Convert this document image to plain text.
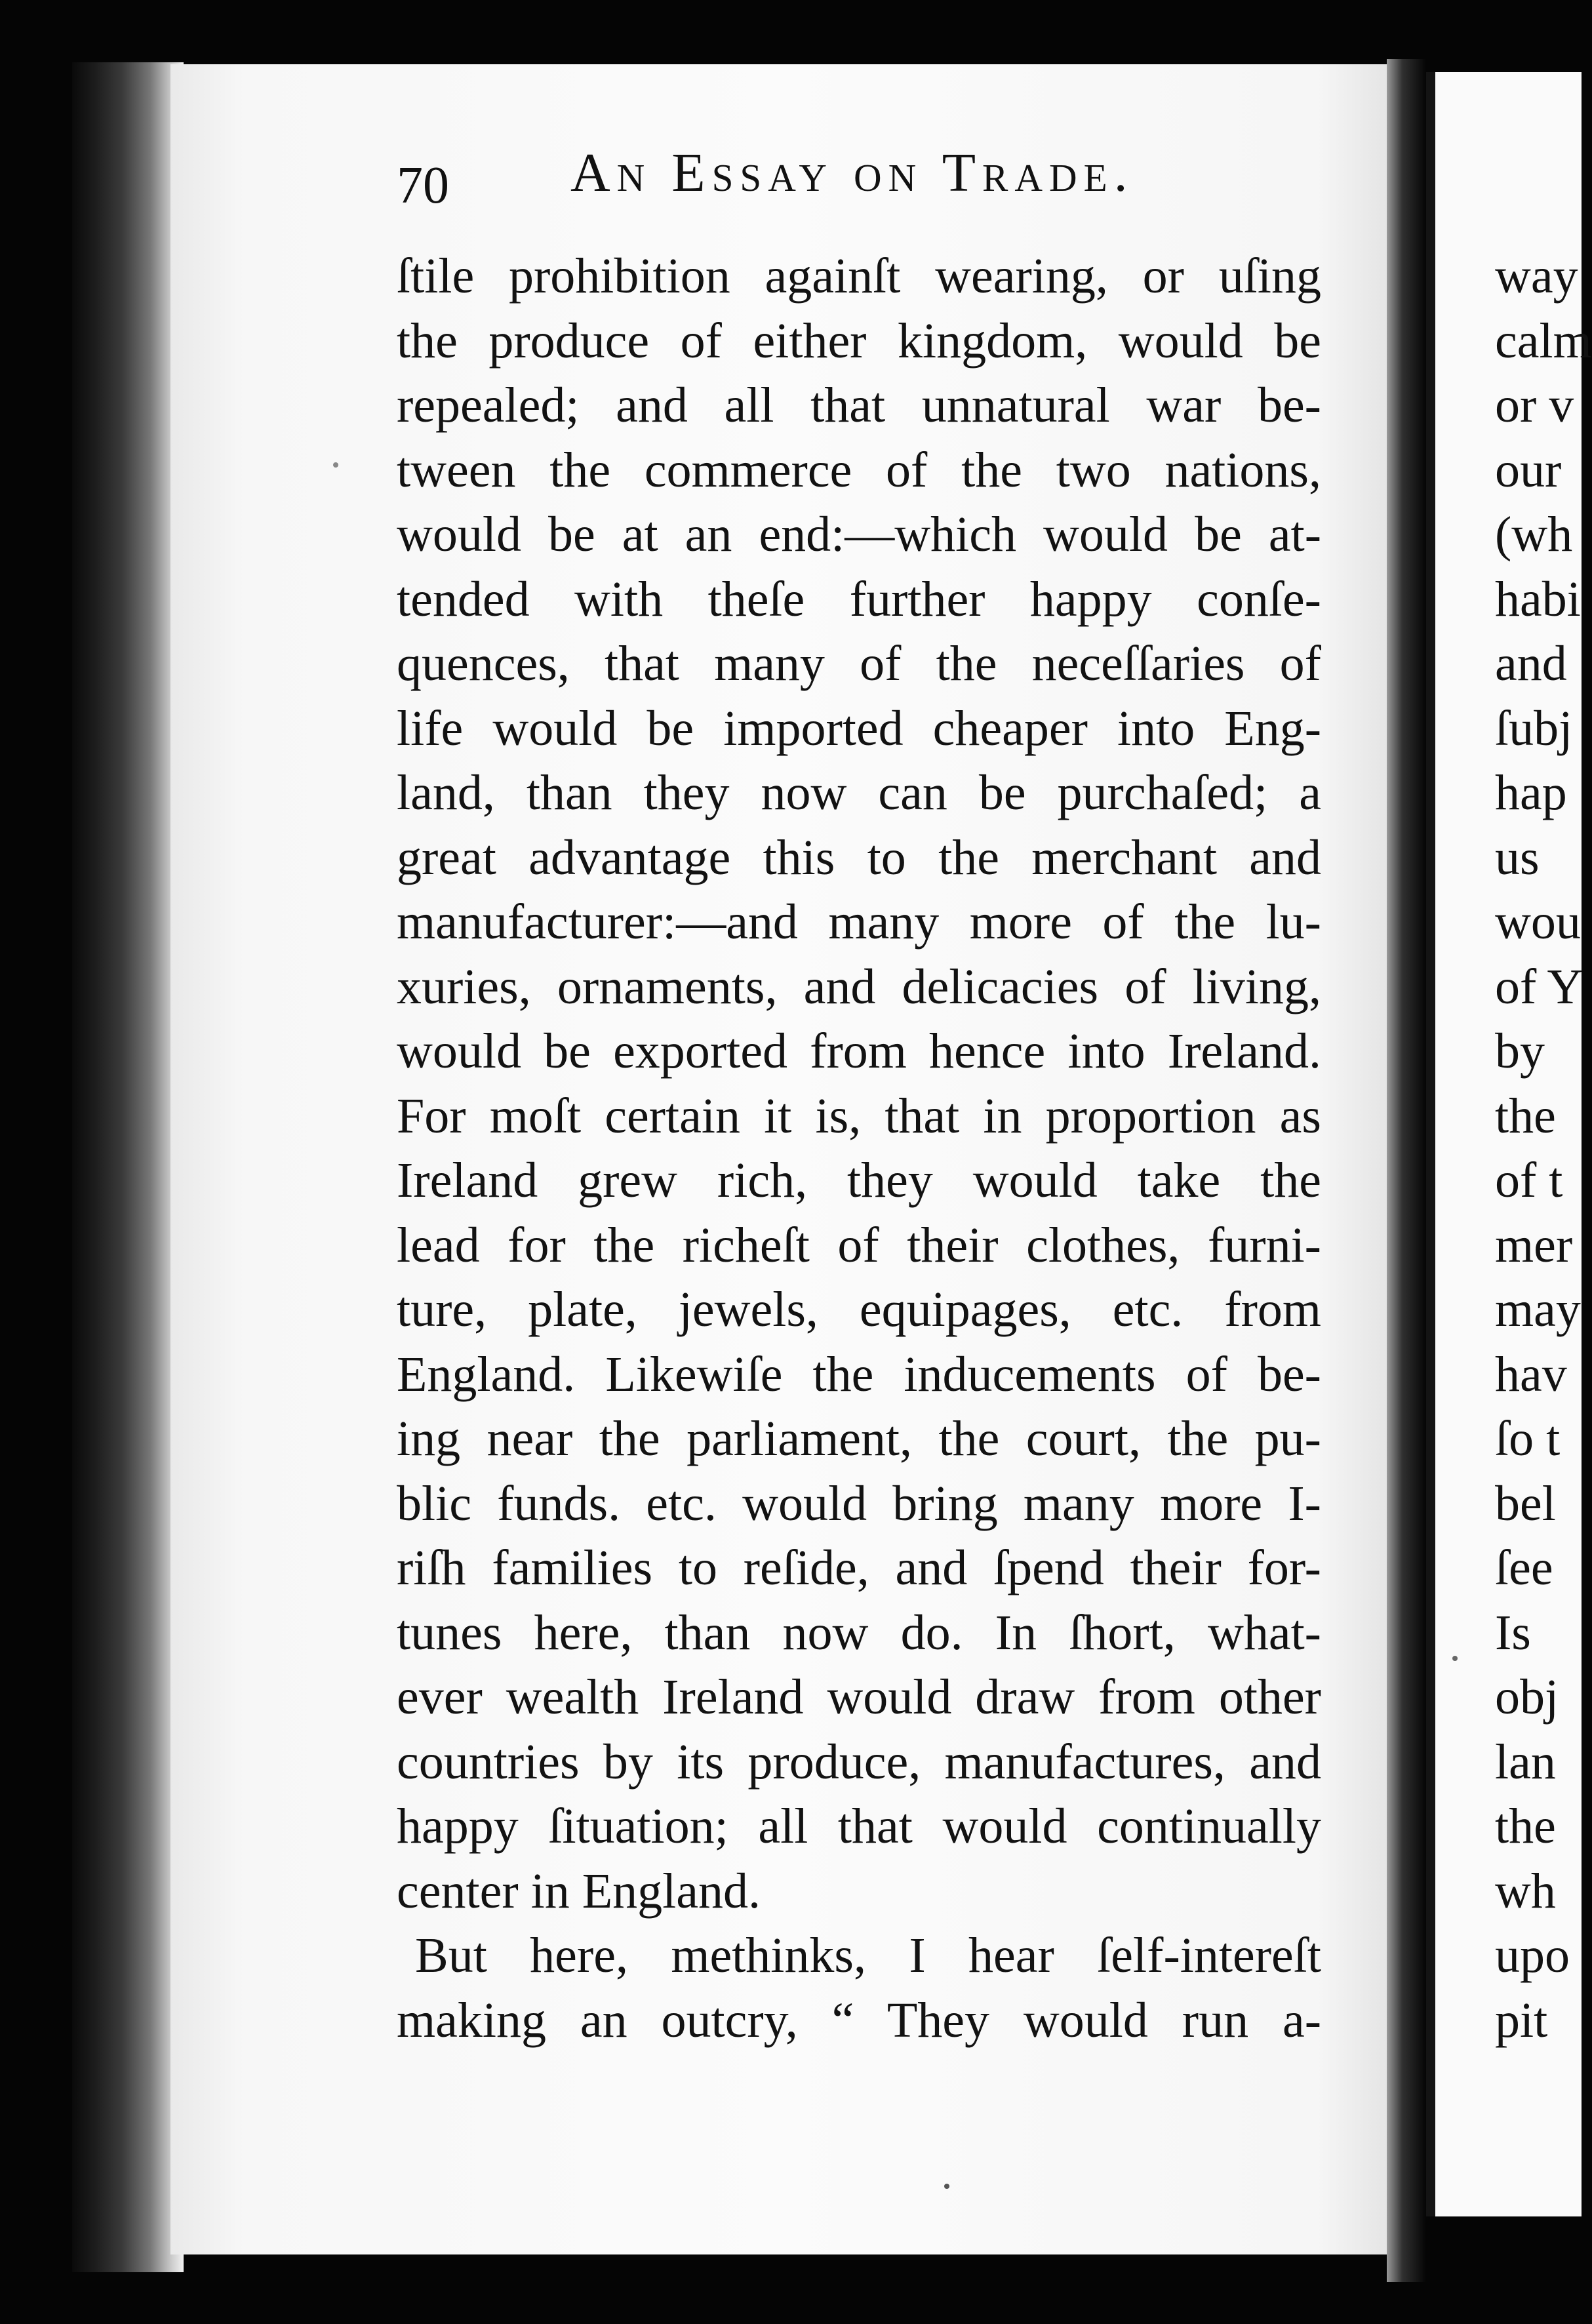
70 An Essay on Trade.
ſtile prohibition againſt wearing, or uſing
the produce of either kingdom, would be
repealed; and all that unnatural war be-
tween the commerce of the two nations,
would be at an end:—which would be at-
tended with theſe further happy conſe-
quences, that many of the neceſſaries of
life would be imported cheaper into Eng-
land, than they now can be purchaſed; a
great advantage this to the merchant and
manufacturer:—and many more of the lu-
xuries, ornaments, and delicacies of living,
would be exported from hence into Ireland.
For moſt certain it is, that in proportion as
Ireland grew rich, they would take the
lead for the richeſt of their clothes, furni-
ture, plate, jewels, equipages, etc. from
England. Likewiſe the inducements of be-
ing near the parliament, the court, the pu-
blic funds. etc. would bring many more I-
riſh families to reſide, and ſpend their for-
tunes here, than now do. In ſhort, what-
ever wealth Ireland would draw from other
countries by its produce, manufactures, and
happy ſituation; all that would continually
center in England.
But here, methinks, I hear ſelf-intereſt
making an outcry, “ They would run a-
way
calm
or v
our
(wh
habi
and
ſubj
hap
us
wou
of Y
by
the
of t
mer
may
hav
ſo t
bel
ſee
Is
obj
lan
the
wh
upo
pit
